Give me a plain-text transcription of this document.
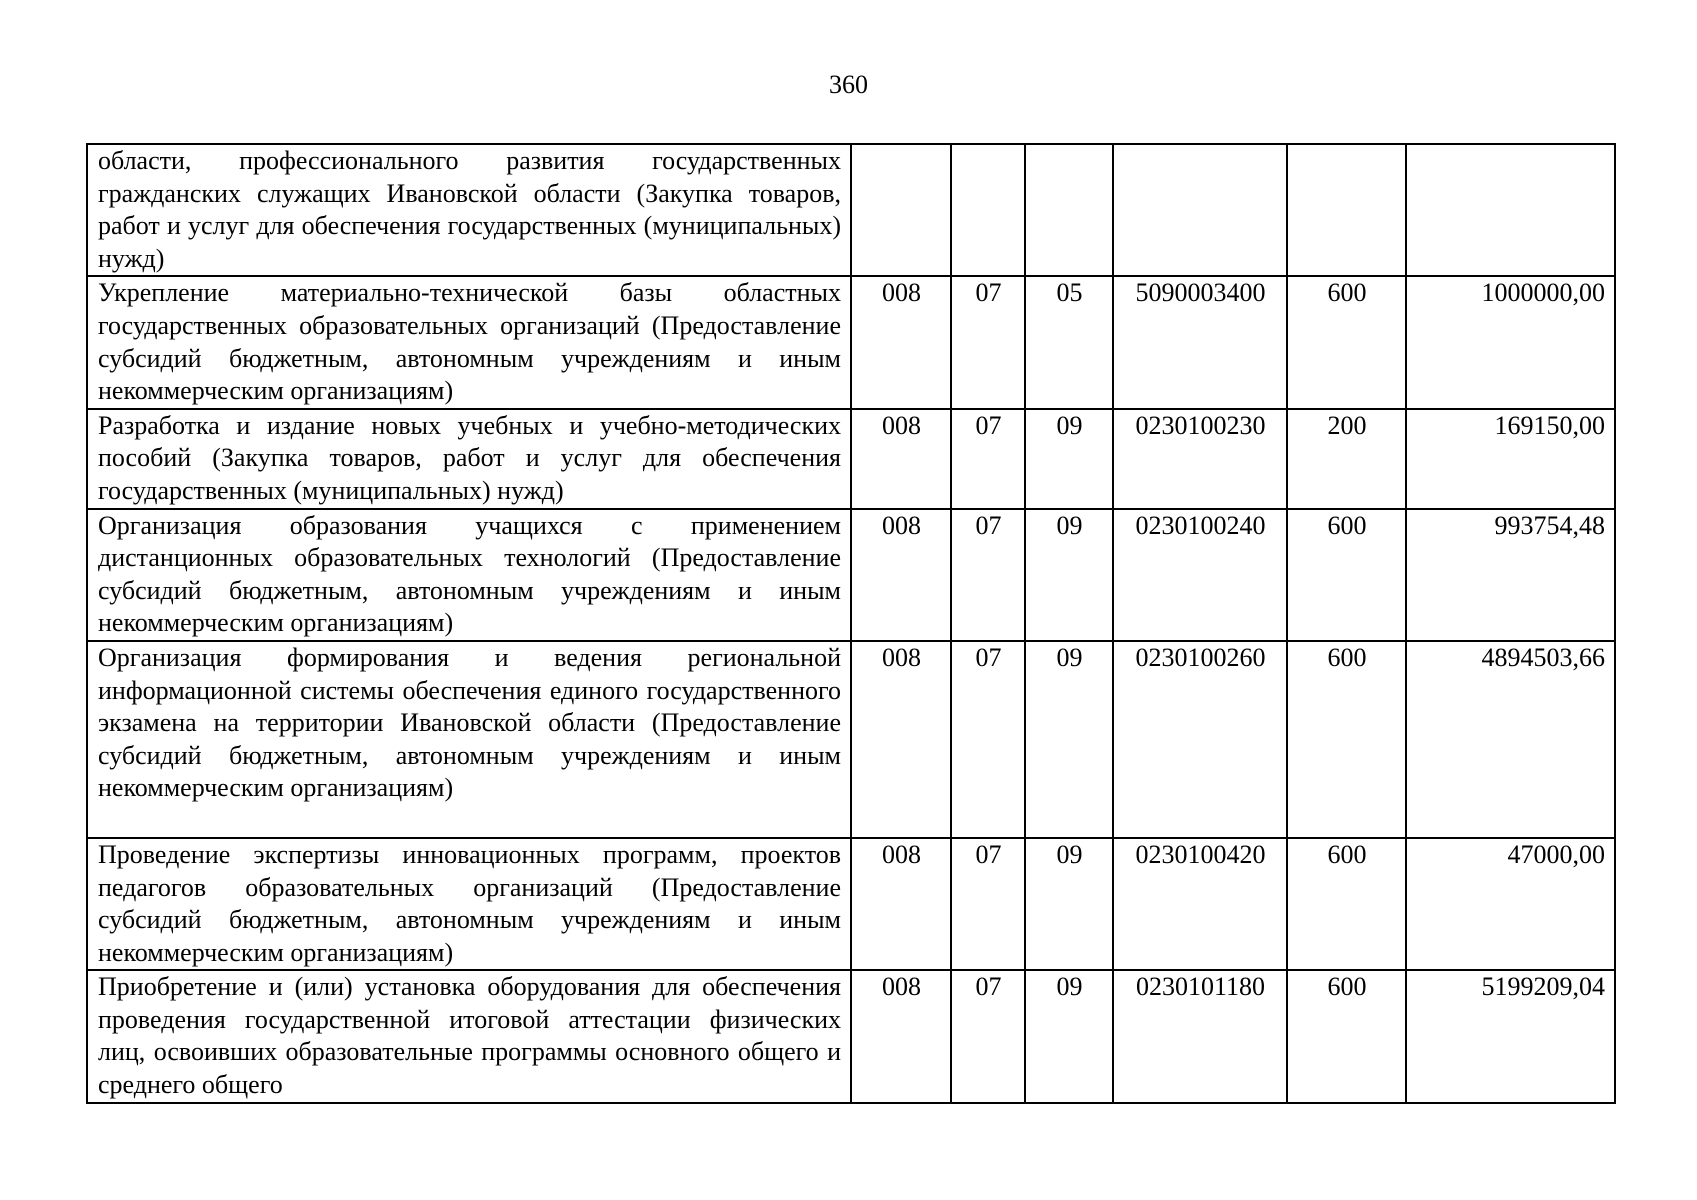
360
области, профессионального развития государственных гражданских служащих Ивановской области (Закупка товаров, работ и услуг для обеспечения государственных (муниципальных) нужд)						
Укрепление материально-технической базы областных государственных образовательных организаций (Предоставление субсидий бюджетным, автономным учреждениям и иным некоммерческим организациям)	008	07	05	5090003400	600	1000000,00
Разработка и издание новых учебных и учебно-методических пособий (Закупка товаров, работ и услуг для обеспечения государственных (муниципальных) нужд)	008	07	09	0230100230	200	169150,00
Организация образования учащихся с применением дистанционных образовательных технологий (Предоставление субсидий бюджетным, автономным учреждениям и иным некоммерческим организациям)	008	07	09	0230100240	600	993754,48
Организация формирования и ведения региональной информационной системы обеспечения единого государственного экзамена на территории Ивановской области (Предоставление субсидий бюджетным, автономным учреждениям и иным некоммерческим организациям)	008	07	09	0230100260	600	4894503,66
Проведение экспертизы инновационных программ, проектов педагогов образовательных организаций (Предоставление субсидий бюджетным, автономным учреждениям и иным некоммерческим организациям)	008	07	09	0230100420	600	47000,00
Приобретение и (или) установка оборудования для обеспечения проведения государственной итоговой аттестации физических лиц, освоивших образовательные программы основного общего и среднего общего	008	07	09	0230101180	600	5199209,04
